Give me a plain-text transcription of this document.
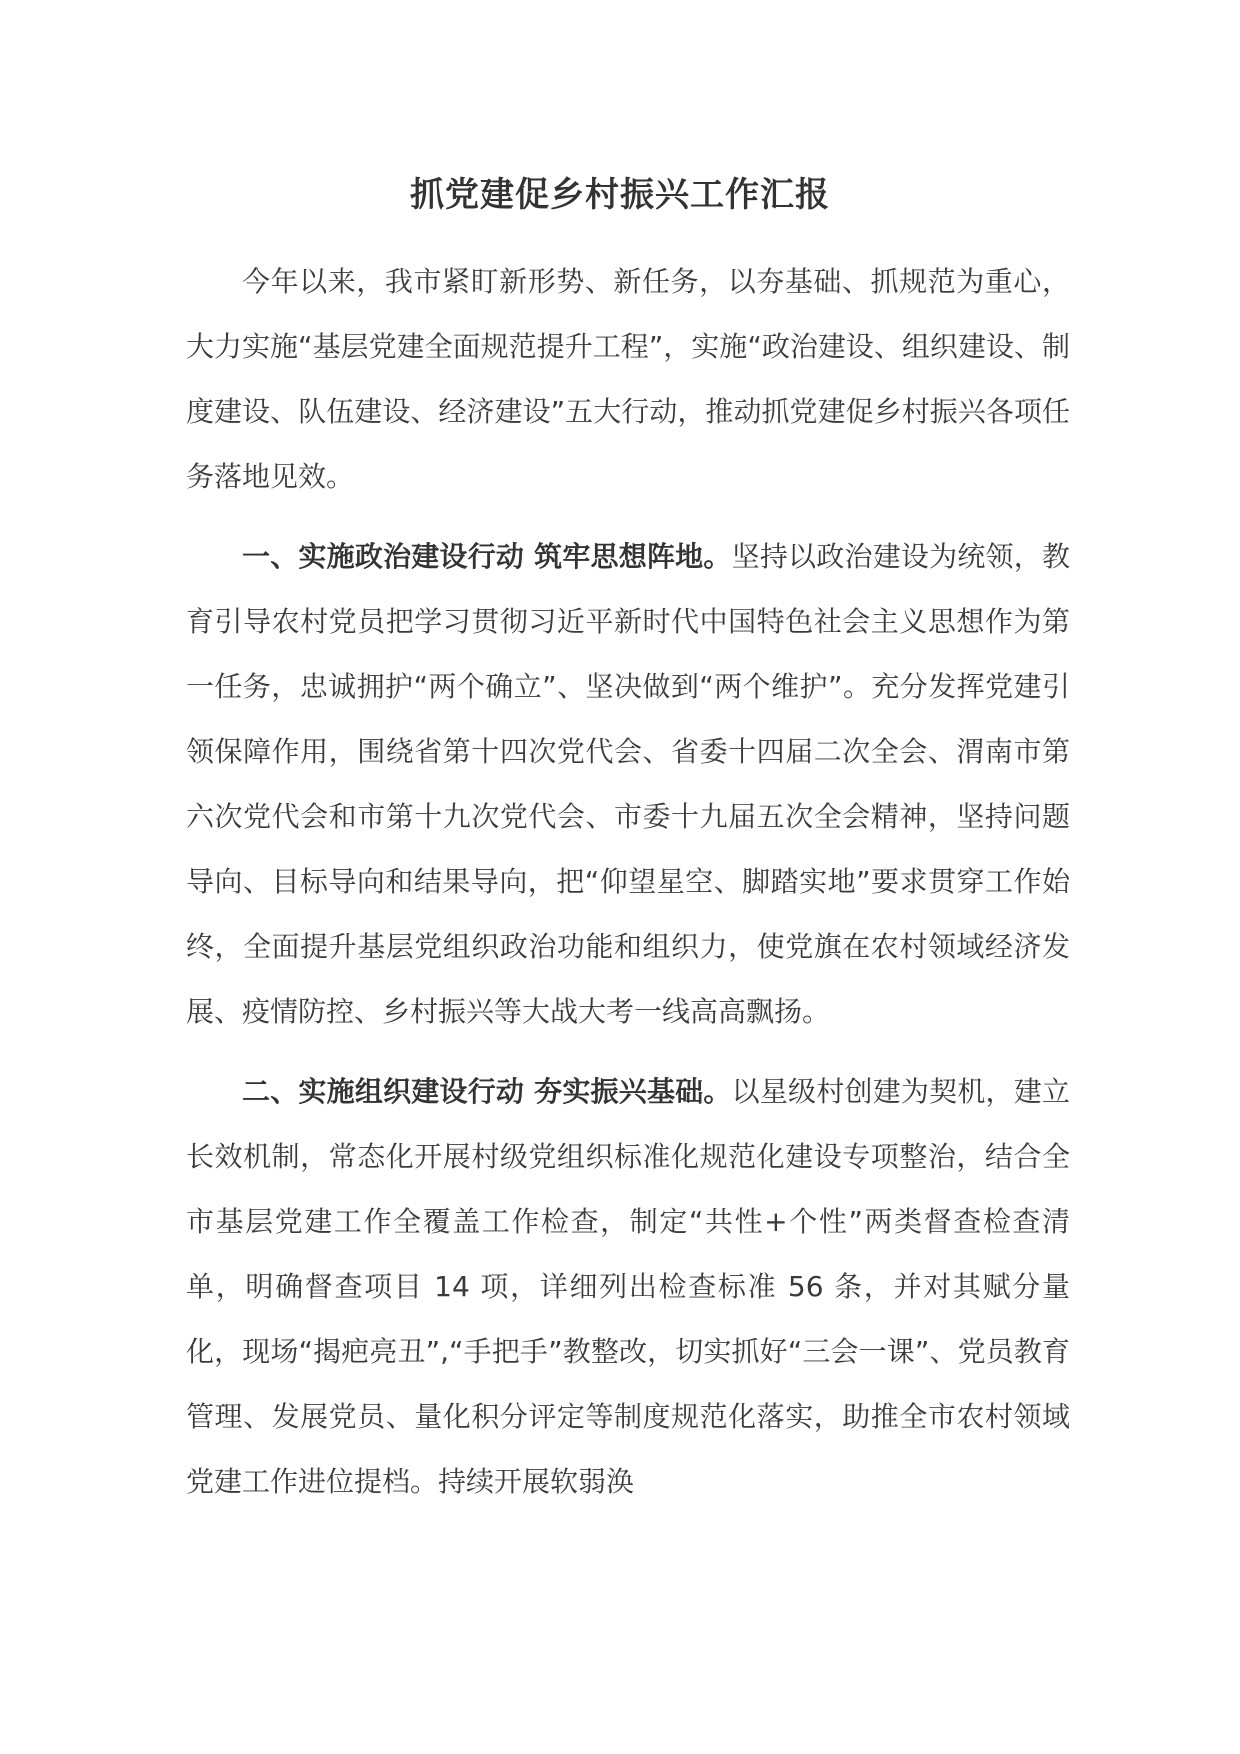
抓党建促乡村振兴工作汇报

今年以来，我市紧盯新形势、新任务，以夯基础、抓规范为重心，大力实施“基层党建全面规范提升工程”，实施“政治建设、组织建设、制度建设、队伍建设、经济建设”五大行动，推动抓党建促乡村振兴各项任务落地见效。

一、实施政治建设行动 筑牢思想阵地。坚持以政治建设为统领，教育引导农村党员把学习贯彻习近平新时代中国特色社会主义思想作为第一任务，忠诚拥护“两个确立”、坚决做到“两个维护”。充分发挥党建引领保障作用，围绕省第十四次党代会、省委十四届二次全会、渭南市第六次党代会和市第十九次党代会、市委十九届五次全会精神，坚持问题导向、目标导向和结果导向，把“仰望星空、脚踏实地”要求贯穿工作始终，全面提升基层党组织政治功能和组织力，使党旗在农村领域经济发展、疫情防控、乡村振兴等大战大考一线高高飘扬。

二、实施组织建设行动 夯实振兴基础。以星级村创建为契机，建立长效机制，常态化开展村级党组织标准化规范化建设专项整治，结合全市基层党建工作全覆盖工作检查，制定“共性+个性”两类督查检查清单，明确督查项目 14 项，详细列出检查标准 56 条，并对其赋分量化，现场“揭疤亮丑”,“手把手”教整改，切实抓好“三会一课”、党员教育管理、发展党员、量化积分评定等制度规范化落实，助推全市农村领域党建工作进位提档。持续开展软弱涣
